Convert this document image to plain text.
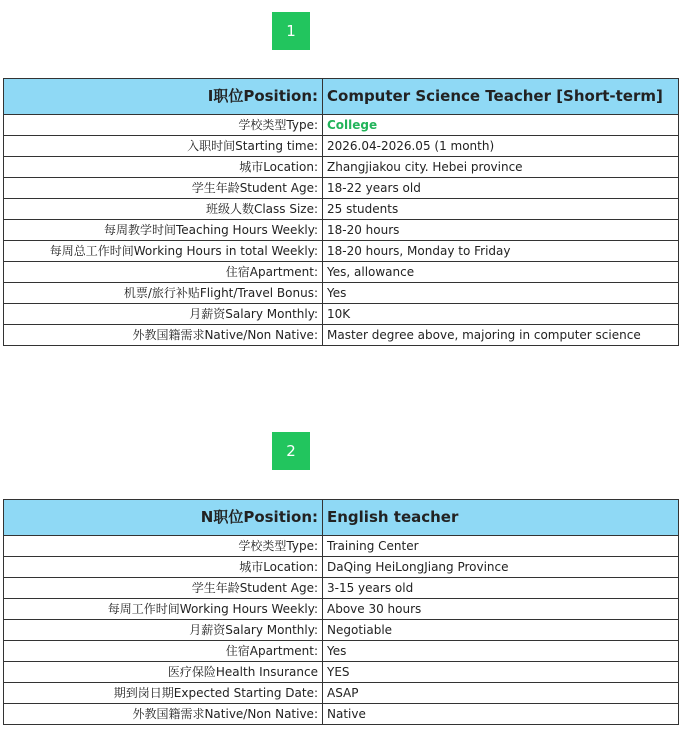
1
I职位Position:	Computer Science Teacher [Short-term]
学校类型Type:	College
入职时间Starting time:	2026.04-2026.05 (1 month)
城市Location:	Zhangjiakou city. Hebei province
学生年龄Student Age:	18-22 years old
班级人数Class Size:	25 students
每周教学时间Teaching Hours Weekly:	18-20 hours
每周总工作时间Working Hours in total Weekly:	18-20 hours, Monday to Friday
住宿Apartment:	Yes, allowance
机票/旅行补贴Flight/Travel Bonus:	Yes
月薪资Salary Monthly:	10K
外教国籍需求Native/Non Native:	Master degree above, majoring in computer science
2
N职位Position:	English teacher
学校类型Type:	Training Center
城市Location:	DaQing HeiLongJiang Province
学生年龄Student Age:	3-15 years old
每周工作时间Working Hours Weekly:	Above 30 hours
月薪资Salary Monthly:	Negotiable
住宿Apartment:	Yes
医疗保险Health Insurance	YES
期到岗日期Expected Starting Date:	ASAP
外教国籍需求Native/Non Native:	Native
